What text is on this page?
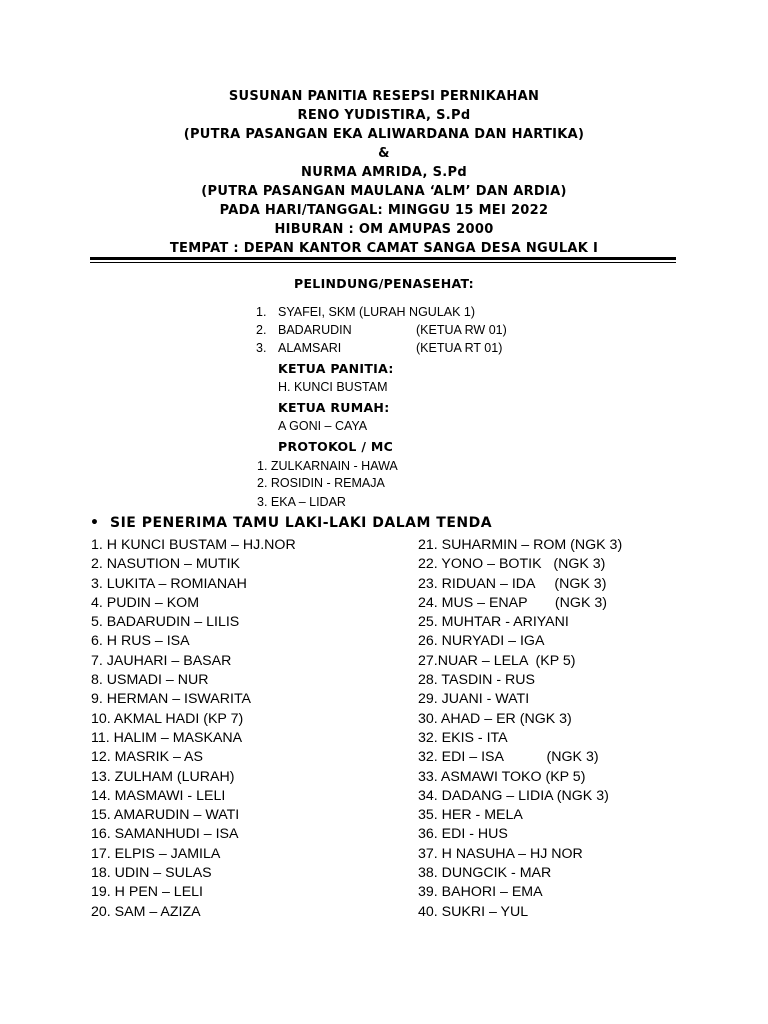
SUSUNAN PANITIA RESEPSI PERNIKAHAN
RENO YUDISTIRA, S.Pd
(PUTRA PASANGAN EKA ALIWARDANA DAN HARTIKA)
&
NURMA AMRIDA, S.Pd
(PUTRA PASANGAN MAULANA ‘ALM’ DAN ARDIA)
PADA HARI/TANGGAL: MINGGU 15 MEI 2022
HIBURAN : OM AMUPAS 2000
TEMPAT : DEPAN KANTOR CAMAT SANGA DESA NGULAK I
PELINDUNG/PENASEHAT:
1. SYAFEI, SKM (LURAH NGULAK 1)
2. BADARUDIN	(KETUA RW 01)
3. ALAMSARI	(KETUA RT 01)
KETUA PANITIA:
H. KUNCI BUSTAM
KETUA RUMAH:
A GONI – CAYA
PROTOKOL / MC
1. ZULKARNAIN - HAWA
2. ROSIDIN - REMAJA
3. EKA – LIDAR
• SIE PENERIMA TAMU LAKI-LAKI DALAM TENDA
1. H KUNCI BUSTAM – HJ.NOR
2. NASUTION – MUTIK
3. LUKITA – ROMIANAH
4. PUDIN – KOM
5. BADARUDIN – LILIS
6. H RUS – ISA
7. JAUHARI – BASAR
8. USMADI – NUR
9. HERMAN – ISWARITA
10. AKMAL HADI (KP 7)
11. HALIM – MASKANA
12. MASRIK – AS
13. ZULHAM (LURAH)
14. MASMAWI - LELI
15. AMARUDIN – WATI
16. SAMANHUDI – ISA
17. ELPIS – JAMILA
18. UDIN – SULAS
19. H PEN – LELI
20. SAM – AZIZA
21. SUHARMIN – ROM (NGK 3)
22. YONO – BOTIK   (NGK 3)
23. RIDUAN – IDA     (NGK 3)
24. MUS – ENAP       (NGK 3)
25. MUHTAR - ARIYANI
26. NURYADI – IGA
27.NUAR – LELA  (KP 5)
28. TASDIN - RUS
29. JUANI - WATI
30. AHAD – ER (NGK 3)
32. EKIS - ITA
32. EDI – ISA           (NGK 3)
33. ASMAWI TOKO (KP 5)
34. DADANG – LIDIA (NGK 3)
35. HER - MELA
36. EDI - HUS
37. H NASUHA – HJ NOR
38. DUNGCIK - MAR
39. BAHORI – EMA
40. SUKRI – YUL
